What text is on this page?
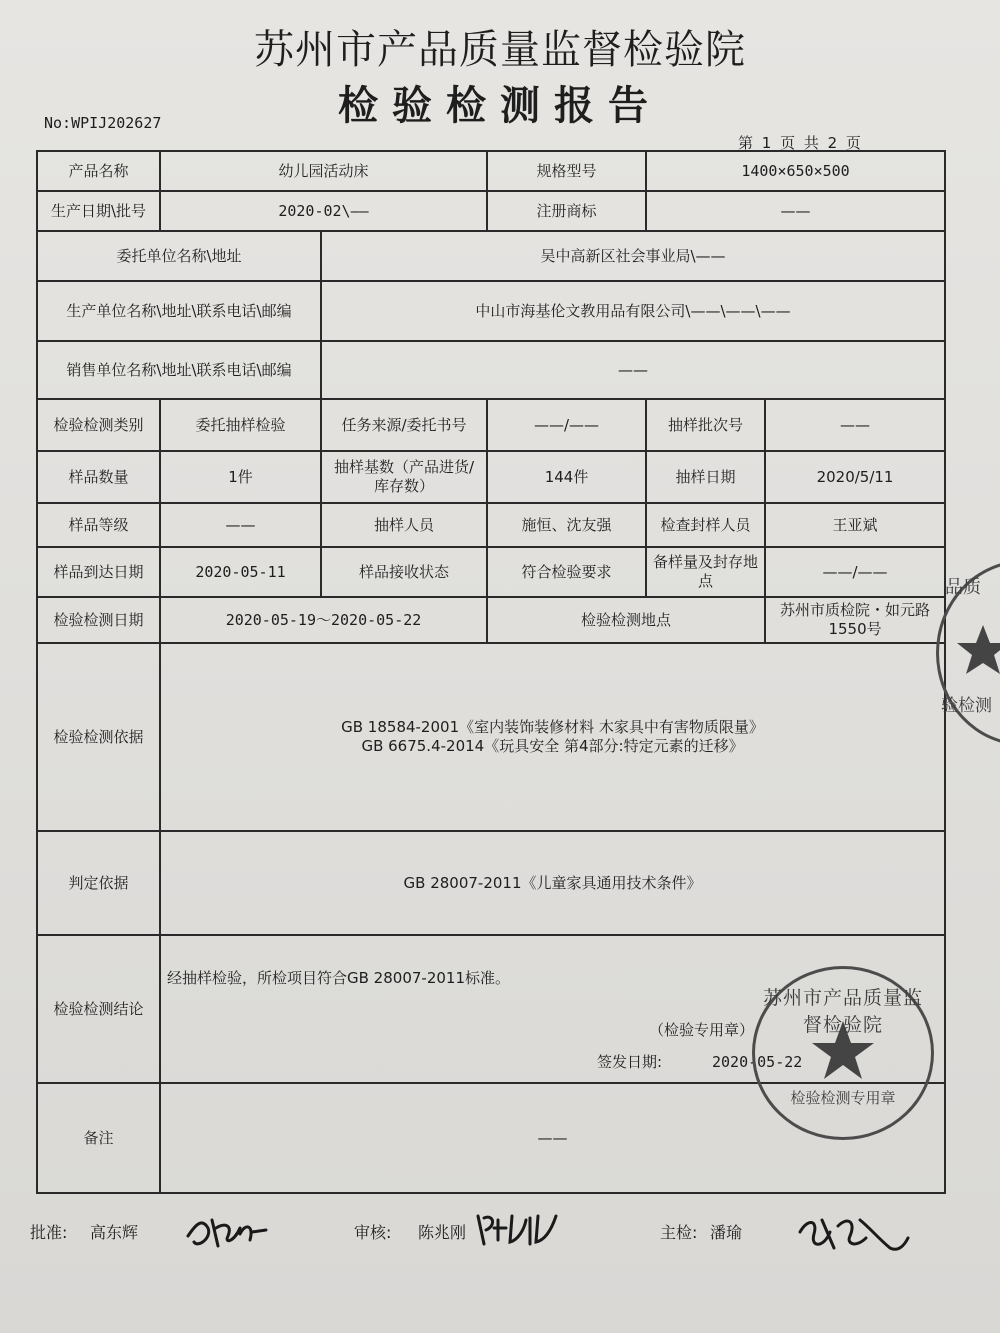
苏州市产品质量监督检验院
检验检测报告
No:WPIJ202627
第 1 页 共 2 页
产品名称	幼儿园活动床		规格型号	1400×650×500	
生产日期\批号	2020-02\——		注册商标	——	
委托单位名称\地址		吴中高新区社会事业局\——			
生产单位名称\地址\联系电话\邮编		中山市海基伦文教用品有限公司\——\——\——			
销售单位名称\地址\联系电话\邮编		——			
检验检测类别	委托抽样检验	任务来源/委托书号	——/——	抽样批次号	——
样品数量	1件	抽样基数（产品进货/库存数）	144件	抽样日期	2020/5/11
样品等级	——	抽样人员	施恒、沈友强	检查封样人员	王亚斌
样品到达日期	2020-05-11	样品接收状态	符合检验要求	备样量及封存地点	——/——
检验检测日期	2020-05-19～2020-05-22		检验检测地点		苏州市质检院・如元路1550号
检验检测依据	GB 18584-2001《室内装饰装修材料 木家具中有害物质限量》
GB 6675.4-2014《玩具安全 第4部分:特定元素的迁移》				

判定依据	GB 28007-2011《儿童家具通用技术条件》				
检验检测结论	经抽样检验，所检项目符合GB 28007-2011标准。
（检验专用章）
签发日期: 2020-05-22				

备注	——				
苏州市产品质量监督检验院
检验检测专用章
品质
验检测
批准: 高东辉	审核: 陈兆刚	主检: 潘瑜
